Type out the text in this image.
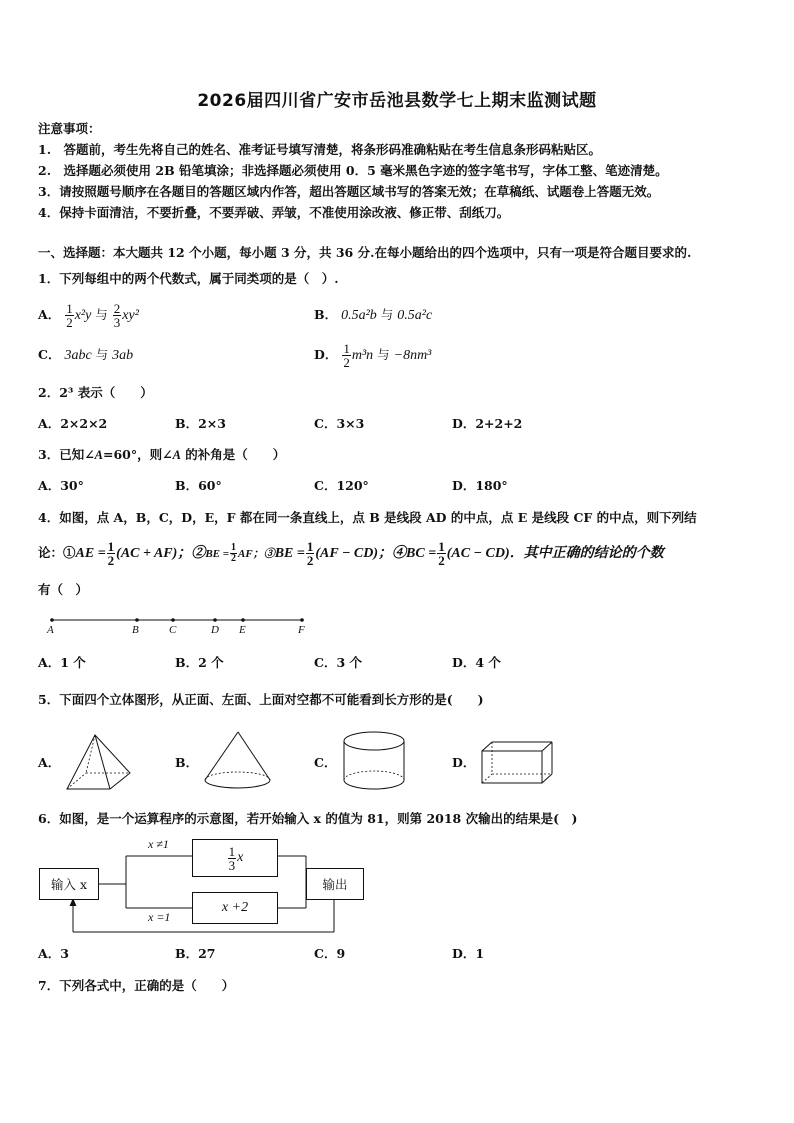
2026届四川省广安市岳池县数学七上期末监测试题
注意事项：
1.　答题前，考生先将自己的姓名、准考证号填写清楚，将条形码准确粘贴在考生信息条形码粘贴区。
2.　选择题必须使用 2B 铅笔填涂；非选择题必须使用 0．5 毫米黑色字迹的签字笔书写，字体工整、笔迹清楚。
3．请按照题号顺序在各题目的答题区域内作答，超出答题区域书写的答案无效；在草稿纸、试题卷上答题无效。
4．保持卡面清洁，不要折叠，不要弄破、弄皱，不准使用涂改液、修正带、刮纸刀。
一、选择题：本大题共 12 个小题，每小题 3 分，共 36 分.在每小题给出的四个选项中，只有一项是符合题目要求的.
1．下列每组中的两个代数式，属于同类项的是（　）.
A． $\frac{1}{2} x^2y$ 与 $\frac{2}{3} xy^2$	B． 0.5a²b 与 0.5a²c
C． 3abc 与 3ab	D． $\frac{1}{2} m^3n$ 与 −8nm³
2．2³ 表示（　　）
A．2×2×2	B．2×3	C．3×3	D．2+2+2
3．已知∠A=60°，则∠A 的补角是（　　）
A．30°	B．60°	C．120°	D．180°
4．如图，点 A，B，C，D，E，F 都在同一条直线上，点 B 是线段 AD 的中点，点 E 是线段 CF 的中点，则下列结
论：①AE = $\frac{1}{2} (AC + AF)$；②BE = $\frac{1}{2}$ AF；③BE = $\frac{1}{2} (AF - CD)$；④BC = $\frac{1}{2} (AC - CD)$．其中正确的结论的个数
有（　）
A	B	C	D E	F
A．1 个	B．2 个	C．3 个	D．4 个
5．下面四个立体图形，从正面、左面、上面对空都不可能看到长方形的是(　　)
A．	B．	C．	D．
6．如图，是一个运算程序的示意图，若开始输入 x 的值为 81，则第 2018 次输出的结果是(　)
输入 x	输出
$\frac{1}{3}$ x
x +2
x ≠1
x =1
A．3	B．27	C．9	D．1
7．下列各式中，正确的是（　　）
